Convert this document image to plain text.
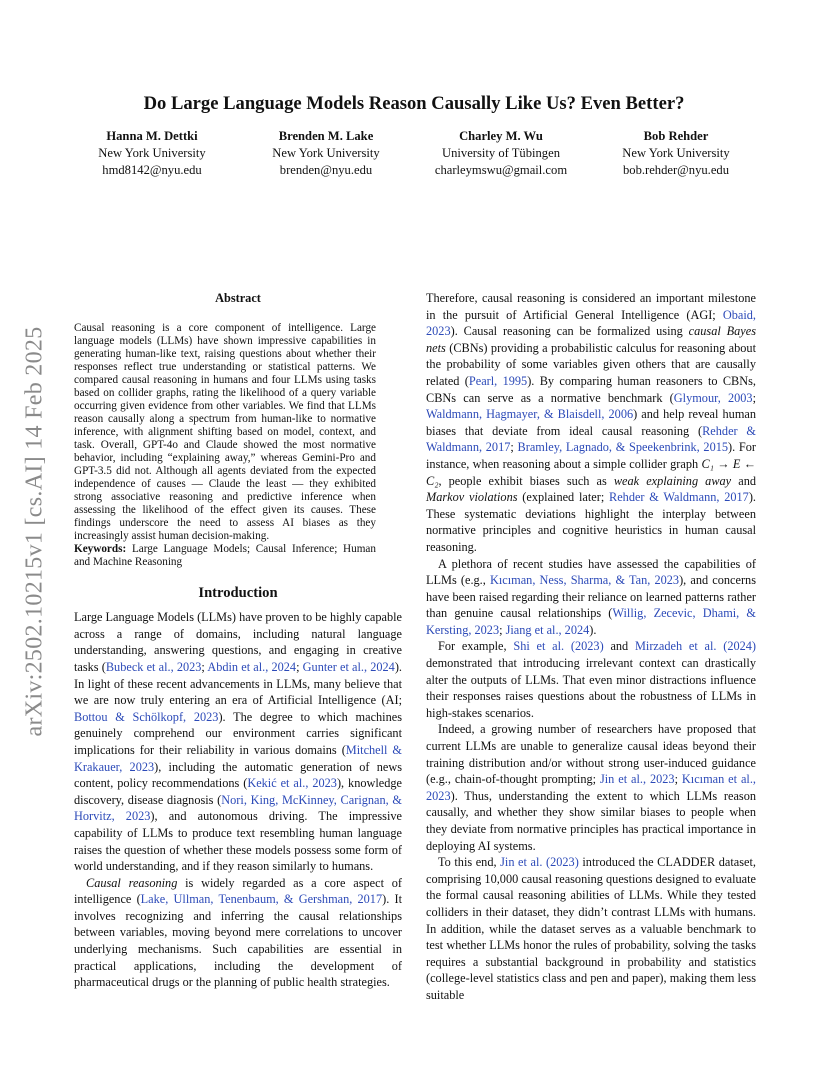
arXiv:2502.10215v1 [cs.AI] 14 Feb 2025
Do Large Language Models Reason Causally Like Us? Even Better?
Hanna M. Dettki
New York University
hmd8142@nyu.edu
Brenden M. Lake
New York University
brenden@nyu.edu
Charley M. Wu
University of Tübingen
charleymswu@gmail.com
Bob Rehder
New York University
bob.rehder@nyu.edu
Abstract

Causal reasoning is a core component of intelligence. Large language models (LLMs) have shown impressive capabilities in generating human-like text, raising questions about whether their responses reflect true understanding or statistical patterns. We compared causal reasoning in humans and four LLMs using tasks based on collider graphs, rating the likelihood of a query variable occurring given evidence from other variables. We find that LLMs reason causally along a spectrum from human-like to normative inference, with alignment shifting based on model, context, and task. Overall, GPT-4o and Claude showed the most normative behavior, including “explaining away,” whereas Gemini-Pro and GPT-3.5 did not. Although all agents deviated from the expected independence of causes — Claude the least — they exhibited strong associative reasoning and predictive inference when assessing the likelihood of the effect given its causes. These findings underscore the need to assess AI biases as they increasingly assist human decision-making.

Keywords: Large Language Models; Causal Inference; Human and Machine Reasoning

Introduction

Large Language Models (LLMs) have proven to be highly capable across a range of domains, including natural language understanding, answering questions, and engaging in creative tasks (Bubeck et al., 2023; Abdin et al., 2024; Gunter et al., 2024). In light of these recent advancements in LLMs, many believe that we are now truly entering an era of Artificial Intelligence (AI; Bottou & Schölkopf, 2023). The degree to which machines genuinely comprehend our environment carries significant implications for their reliability in various domains (Mitchell & Krakauer, 2023), including the automatic generation of news content, policy recommendations (Kekić et al., 2023), knowledge discovery, disease diagnosis (Nori, King, McKinney, Carignan, & Horvitz, 2023), and autonomous driving. The impressive capability of LLMs to produce text resembling human language raises the question of whether these models possess some form of world understanding, and if they reason similarly to humans.

Causal reasoning is widely regarded as a core aspect of intelligence (Lake, Ullman, Tenenbaum, & Gershman, 2017). It involves recognizing and inferring the causal relationships between variables, moving beyond mere correlations to uncover underlying mechanisms. Such capabilities are essential in practical applications, including the development of pharmaceutical drugs or the planning of public health strategies.

Therefore, causal reasoning is considered an important milestone in the pursuit of Artificial General Intelligence (AGI; Obaid, 2023). Causal reasoning can be formalized using causal Bayes nets (CBNs) providing a probabilistic calculus for reasoning about the probability of some variables given others that are causally related (Pearl, 1995). By comparing human reasoners to CBNs, CBNs can serve as a normative benchmark (Glymour, 2003; Waldmann, Hagmayer, & Blaisdell, 2006) and help reveal human biases that deviate from ideal causal reasoning (Rehder & Waldmann, 2017; Bramley, Lagnado, & Speekenbrink, 2015). For instance, when reasoning about a simple collider graph C₁ → E ← C₂, people exhibit biases such as weak explaining away and Markov violations (explained later; Rehder & Waldmann, 2017). These systematic deviations highlight the interplay between normative principles and cognitive heuristics in human causal reasoning.

A plethora of recent studies have assessed the capabilities of LLMs (e.g., Kıcıman, Ness, Sharma, & Tan, 2023), and concerns have been raised regarding their reliance on learned patterns rather than genuine causal relationships (Willig, Zecevic, Dhami, & Kersting, 2023; Jiang et al., 2024).

For example, Shi et al. (2023) and Mirzadeh et al. (2024) demonstrated that introducing irrelevant context can drastically alter the outputs of LLMs. That even minor distractions influence their responses raises questions about the robustness of LLMs in high-stakes scenarios.

Indeed, a growing number of researchers have proposed that current LLMs are unable to generalize causal ideas beyond their training distribution and/or without strong user-induced guidance (e.g., chain-of-thought prompting; Jin et al., 2023; Kıcıman et al., 2023). Thus, understanding the extent to which LLMs reason causally, and whether they show similar biases to people when they deviate from normative principles has practical importance in deploying AI systems.

To this end, Jin et al. (2023) introduced the CLADDER dataset, comprising 10,000 causal reasoning questions designed to evaluate the formal causal reasoning abilities of LLMs. While they tested colliders in their dataset, they didn’t contrast LLMs with humans. In addition, while the dataset serves as a valuable benchmark to test whether LLMs honor the rules of probability, solving the tasks requires a substantial background in probability and statistics (college-level statistics class and pen and paper), making them less suitable
